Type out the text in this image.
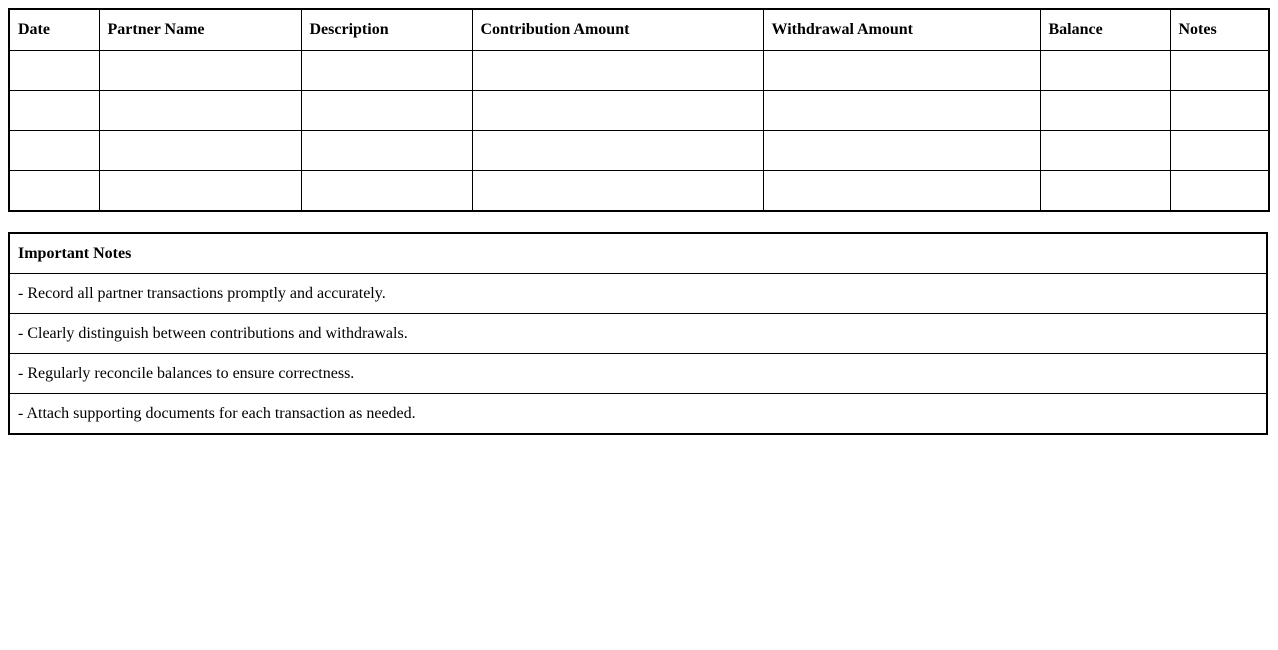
Date	Partner Name	Description	Contribution Amount	Withdrawal Amount	Balance	Notes

Important Notes
- Record all partner transactions promptly and accurately.
- Clearly distinguish between contributions and withdrawals.
- Regularly reconcile balances to ensure correctness.
- Attach supporting documents for each transaction as needed.
